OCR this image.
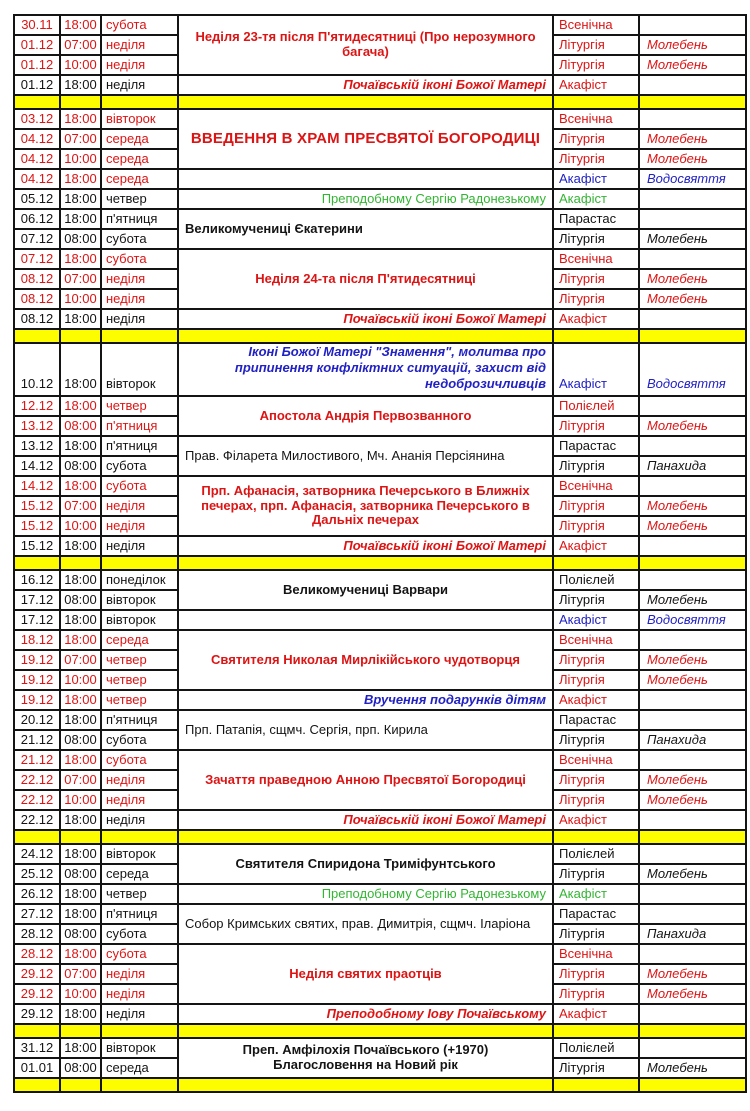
30.11	18:00	субота	Неділя 23-тя після П'ятидесятниці (Про нерозумного багача)	Всенічна	
01.12	07:00	неділя		Літургія	Молебень
01.12	10:00	неділя		Літургія	Молебень
01.12	18:00	неділя	Почаївській іконі Божої Матері	Акафіст	

03.12	18:00	вівторок	ВВЕДЕННЯ В ХРАМ ПРЕСВЯТОЇ БОГОРОДИЦІ	Всенічна	
04.12	07:00	середа		Літургія	Молебень
04.12	10:00	середа		Літургія	Молебень
04.12	18:00	середа		Акафіст	Водосвяття
05.12	18:00	четвер	Преподобному Сергію Радонезькому	Акафіст	
06.12	18:00	п'ятниця	Великомучениці Єкатерини	Парастас	
07.12	08:00	субота		Літургія	Молебень
07.12	18:00	субота	Неділя 24-та після П'ятидесятниці	Всенічна	
08.12	07:00	неділя		Літургія	Молебень
08.12	10:00	неділя		Літургія	Молебень
08.12	18:00	неділя	Почаївській іконі Божої Матері	Акафіст	

10.12	18:00	вівторок	Іконі Божої Матері "Знамення", молитва про припинення конфліктних ситуацій, захист від недоброзичливців	Акафіст	Водосвяття
12.12	18:00	четвер	Апостола Андрія Первозванного	Полієлей	
13.12	08:00	п'ятниця		Літургія	Молебень
13.12	18:00	п'ятниця	Прав. Філарета Милостивого, Мч. Ананія Персіянина	Парастас	
14.12	08:00	субота		Літургія	Панахида
14.12	18:00	субота	Прп. Афанасія, затворника Печерського в Ближніх печерах, прп. Афанасія, затворника Печерського в Дальніх печерах	Всенічна	
15.12	07:00	неділя		Літургія	Молебень
15.12	10:00	неділя		Літургія	Молебень
15.12	18:00	неділя	Почаївській іконі Божої Матері	Акафіст	

16.12	18:00	понеділок	Великомучениці Варвари	Полієлей	
17.12	08:00	вівторок		Літургія	Молебень
17.12	18:00	вівторок		Акафіст	Водосвяття
18.12	18:00	середа	Святителя Николая Мирлікійського чудотворця	Всенічна	
19.12	07:00	четвер		Літургія	Молебень
19.12	10:00	четвер		Літургія	Молебень
19.12	18:00	четвер	Вручення подарунків дітям	Акафіст	
20.12	18:00	п'ятниця	Прп. Патапія, сщмч. Сергія, прп. Кирила	Парастас	
21.12	08:00	субота		Літургія	Панахида
21.12	18:00	субота	Зачаття праведною Анною Пресвятої Богородиці	Всенічна	
22.12	07:00	неділя		Літургія	Молебень
22.12	10:00	неділя		Літургія	Молебень
22.12	18:00	неділя	Почаївській іконі Божої Матері	Акафіст	

24.12	18:00	вівторок	Святителя Спиридона Триміфунтського	Полієлей	
25.12	08:00	середа		Літургія	Молебень
26.12	18:00	четвер	Преподобному Сергію Радонезькому	Акафіст	
27.12	18:00	п'ятниця	Собор Кримських святих, прав. Димитрія, сщмч. Іларіона	Парастас	
28.12	08:00	субота		Літургія	Панахида
28.12	18:00	субота	Неділя святих праотців	Всенічна	
29.12	07:00	неділя		Літургія	Молебень
29.12	10:00	неділя		Літургія	Молебень
29.12	18:00	неділя	Преподобному Іову Почаївському	Акафіст	

31.12	18:00	вівторок	Преп. Амфілохія Почаївського (+1970)
Благословення на Новий рік	Полієлей	
01.01	08:00	середа		Літургія	Молебень
